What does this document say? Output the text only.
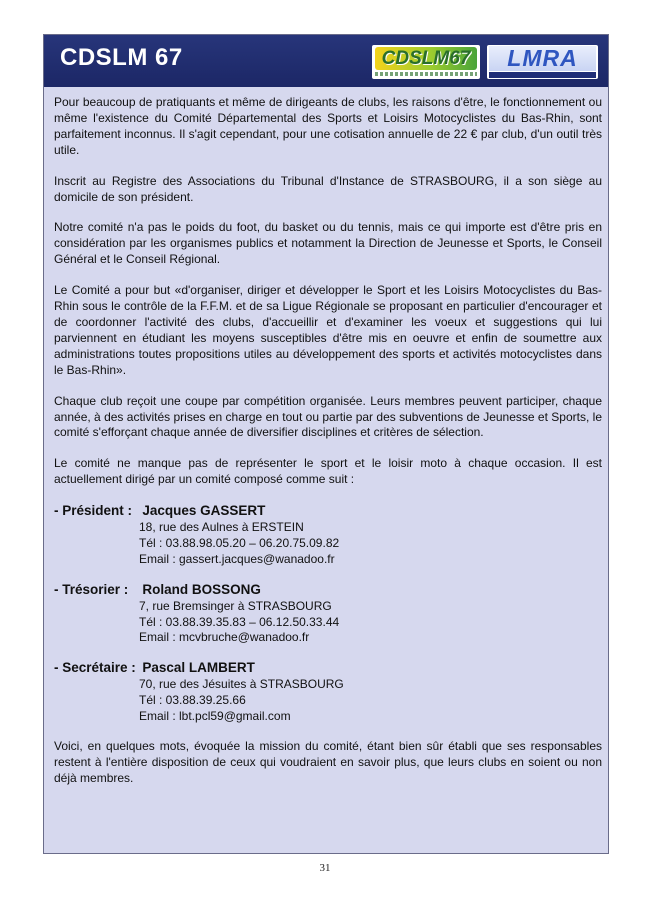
CDSLM 67	CDSLM67	LMRA

Pour beaucoup de pratiquants et même de dirigeants de clubs, les raisons d'être, le fonctionnement ou même l'existence du Comité Départemental des Sports et Loisirs Motocyclistes du Bas-Rhin, sont parfaitement inconnus. Il s'agit cependant, pour une cotisation annuelle de 22 € par club, d'un outil très utile.

Inscrit au Registre des Associations du Tribunal d'Instance de STRASBOURG, il a son siège au domicile de son président.

Notre comité n'a pas le poids du foot, du basket ou du tennis, mais ce qui importe est d'être pris en considération par les organismes publics et notamment la Direction de Jeunesse et Sports, le Conseil Général et le Conseil Régional.

Le Comité a pour but «d'organiser, diriger et développer le Sport et les Loisirs Motocyclistes du Bas-Rhin sous le contrôle de la F.F.M. et de sa Ligue Régionale se proposant en particulier d'encourager et de coordonner l'activité des clubs, d'accueillir et d'examiner les voeux et suggestions qui lui parviennent en étudiant les moyens susceptibles d'être mis en oeuvre et enfin de soumettre aux administrations toutes propositions utiles au développement des sports et activités motocyclistes dans le Bas-Rhin».

Chaque club reçoit une coupe par compétition organisée. Leurs membres peuvent participer, chaque année, à des activités prises en charge en tout ou partie par des subventions de Jeunesse et Sports, le comité s'efforçant chaque année de diversifier disciplines et critères de sélection.

Le comité ne manque pas de représenter le sport et le loisir moto à chaque occasion. Il est actuellement dirigé par un comité composé comme suit :

- Président : Jacques GASSERT
18, rue des Aulnes à ERSTEIN
Tél : 03.88.98.05.20 – 06.20.75.09.82
Email : gassert.jacques@wanadoo.fr
- Trésorier : Roland BOSSONG
7, rue Bremsinger à STRASBOURG
Tél : 03.88.39.35.83 – 06.12.50.33.44
Email : mcvbruche@wanadoo.fr
- Secrétaire : Pascal LAMBERT
70, rue des Jésuites à STRASBOURG
Tél : 03.88.39.25.66
Email : lbt.pcl59@gmail.com

Voici, en quelques mots, évoquée la mission du comité, étant bien sûr établi que ses responsables restent à l'entière disposition de ceux qui voudraient en savoir plus, que leurs clubs en soient ou non déjà membres.

31
